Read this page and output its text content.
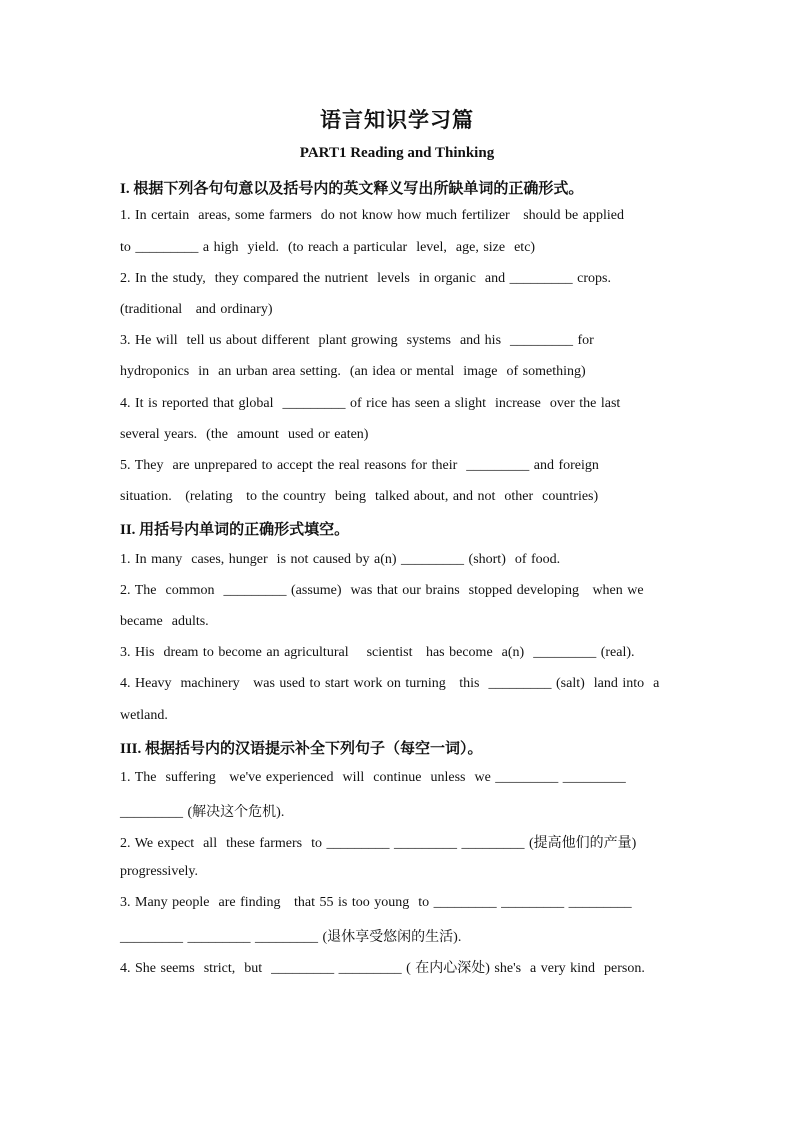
语言知识学习篇
PART1 Reading and Thinking
I. 根据下列各句句意以及括号内的英文释义写出所缺单词的正确形式。
1. In certain  areas, some farmers  do not know how much fertilizer   should be applied
to _________ a high  yield.  (to reach a particular  level,  age, size  etc)
2. In the study,  they compared the nutrient  levels  in organic  and _________ crops.
(traditional   and ordinary)
3. He will  tell us about different  plant growing  systems  and his  _________ for
hydroponics  in  an urban area setting.  (an idea or mental  image  of something)
4. It is reported that global  _________ of rice has seen a slight  increase  over the last
several years.  (the  amount  used or eaten)
5. They  are unprepared to accept the real reasons for their  _________ and foreign
situation.   (relating   to the country  being  talked about, and not  other  countries)
II. 用括号内单词的正确形式填空。
1. In many  cases, hunger  is not caused by a(n) _________ (short)  of food.
2. The  common  _________ (assume)  was that our brains  stopped developing   when we
became  adults.
3. His  dream to become an agricultural    scientist   has become  a(n)  _________ (real).
4. Heavy  machinery   was used to start work on turning   this  _________ (salt)  land into  a
wetland.
III. 根据括号内的汉语提示补全下列句子（每空一词）。
1. The  suffering   we've experienced  will  continue  unless  we _________ _________
_________ (解决这个危机).
2. We expect  all  these farmers  to _________ _________ _________ (提高他们的产量)
progressively.
3. Many people  are finding   that 55 is too young  to _________ _________ _________
_________ _________ _________ (退休享受悠闲的生活).
4. She seems  strict,  but  _________ _________ ( 在内心深处) she's  a very kind  person.
